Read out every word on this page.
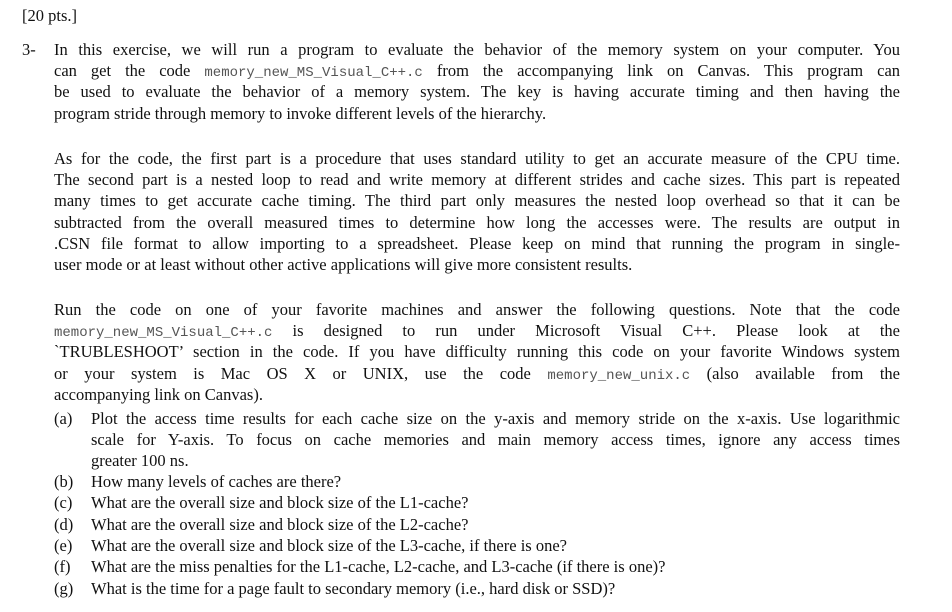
[20 pts.]
3- In this exercise, we will run a program to evaluate the behavior of the memory system on your computer. You
can get the code memory_new_MS_Visual_C++.c from the accompanying link on Canvas. This program can
be used to evaluate the behavior of a memory system. The key is having accurate timing and then having the
program stride through memory to invoke different levels of the hierarchy.
As for the code, the first part is a procedure that uses standard utility to get an accurate measure of the CPU time.
The second part is a nested loop to read and write memory at different strides and cache sizes. This part is repeated
many times to get accurate cache timing. The third part only measures the nested loop overhead so that it can be
subtracted from the overall measured times to determine how long the accesses were. The results are output in
.CSN file format to allow importing to a spreadsheet. Please keep on mind that running the program in single-
user mode or at least without other active applications will give more consistent results.
Run the code on one of your favorite machines and answer the following questions. Note that the code
memory_new_MS_Visual_C++.c is designed to run under Microsoft Visual C++. Please look at the
`TRUBLESHOOT’ section in the code. If you have difficulty running this code on your favorite Windows system
or your system is Mac OS X or UNIX, use the code memory_new_unix.c (also available from the
accompanying link on Canvas).
(a) Plot the access time results for each cache size on the y-axis and memory stride on the x-axis. Use logarithmic
scale for Y-axis. To focus on cache memories and main memory access times, ignore any access times
greater 100 ns.
(b) How many levels of caches are there?
(c) What are the overall size and block size of the L1-cache?
(d) What are the overall size and block size of the L2-cache?
(e) What are the overall size and block size of the L3-cache, if there is one?
(f) What are the miss penalties for the L1-cache, L2-cache, and L3-cache (if there is one)?
(g) What is the time for a page fault to secondary memory (i.e., hard disk or SSD)?
